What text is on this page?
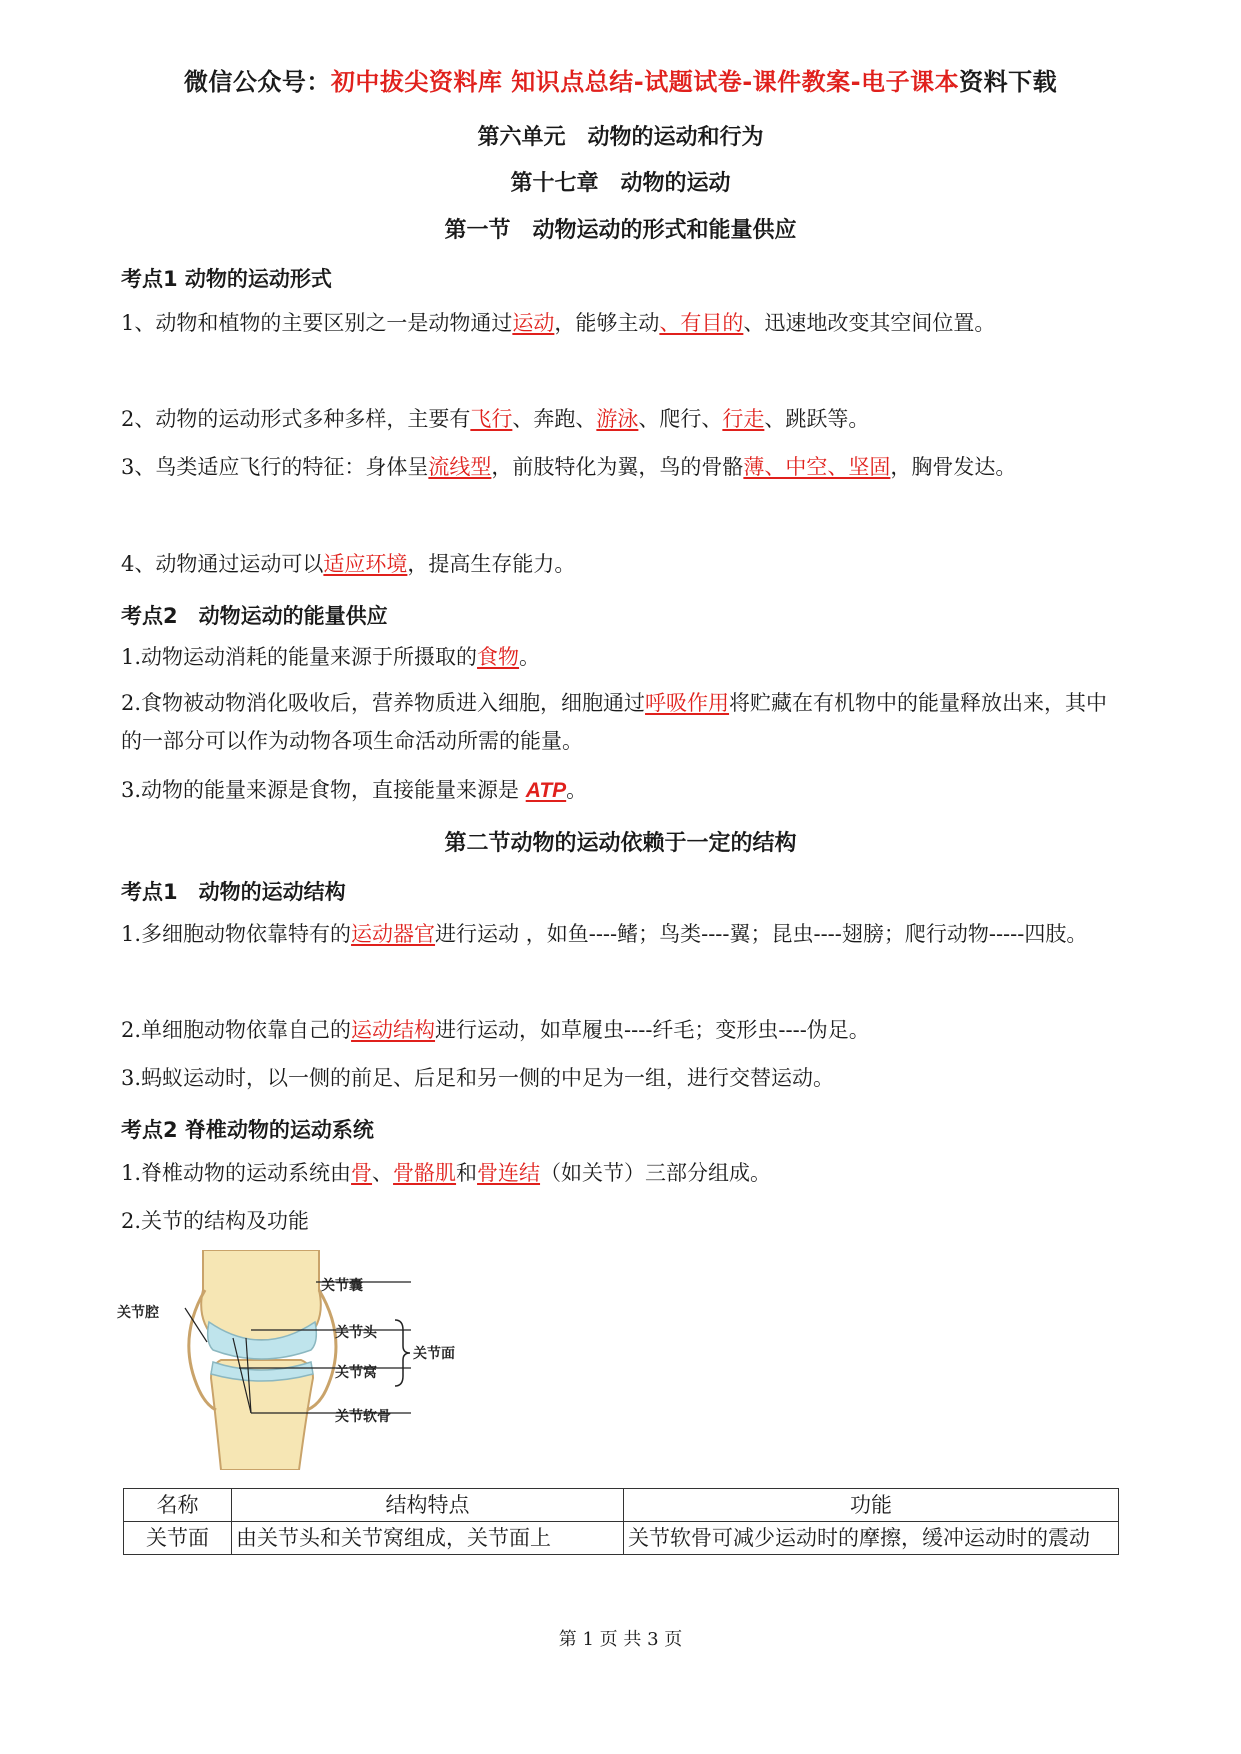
微信公众号：初中拔尖资料库 知识点总结-试题试卷-课件教案-电子课本资料下载
第六单元　动物的运动和行为
第十七章　动物的运动
第一节　动物运动的形式和能量供应
考点1 动物的运动形式
1、动物和植物的主要区别之一是动物通过运动，能够主动、有目的、迅速地改变其空间位置。
2、动物的运动形式多种多样，主要有飞行、奔跑、游泳、爬行、行走、跳跃等。
3、鸟类适应飞行的特征：身体呈流线型，前肢特化为翼，鸟的骨骼薄、中空、坚固，胸骨发达。
4、动物通过运动可以适应环境，提高生存能力。
考点2　动物运动的能量供应
1.动物运动消耗的能量来源于所摄取的食物。
2.食物被动物消化吸收后，营养物质进入细胞，细胞通过呼吸作用将贮藏在有机物中的能量释放出来，其中的一部分可以作为动物各项生命活动所需的能量。
3.动物的能量来源是食物，直接能量来源是 ATP。
第二节动物的运动依赖于一定的结构
考点1　动物的运动结构
1.多细胞动物依靠特有的运动器官进行运动 ，如鱼----鳍；鸟类----翼；昆虫----翅膀；爬行动物-----四肢。
2.单细胞动物依靠自己的运动结构进行运动，如草履虫----纤毛；变形虫----伪足。
3.蚂蚁运动时，以一侧的前足、后足和另一侧的中足为一组，进行交替运动。
考点2 脊椎动物的运动系统
1.脊椎动物的运动系统由骨、骨骼肌和骨连结（如关节）三部分组成。
2.关节的结构及功能
关节囊
关节腔
关节头
关节窝
关节面
关节软骨
名称	结构特点	功能
关节面	由关节头和关节窝组成，关节面上	关节软骨可减少运动时的摩擦，缓冲运动时的震动
第 1 页 共 3 页
